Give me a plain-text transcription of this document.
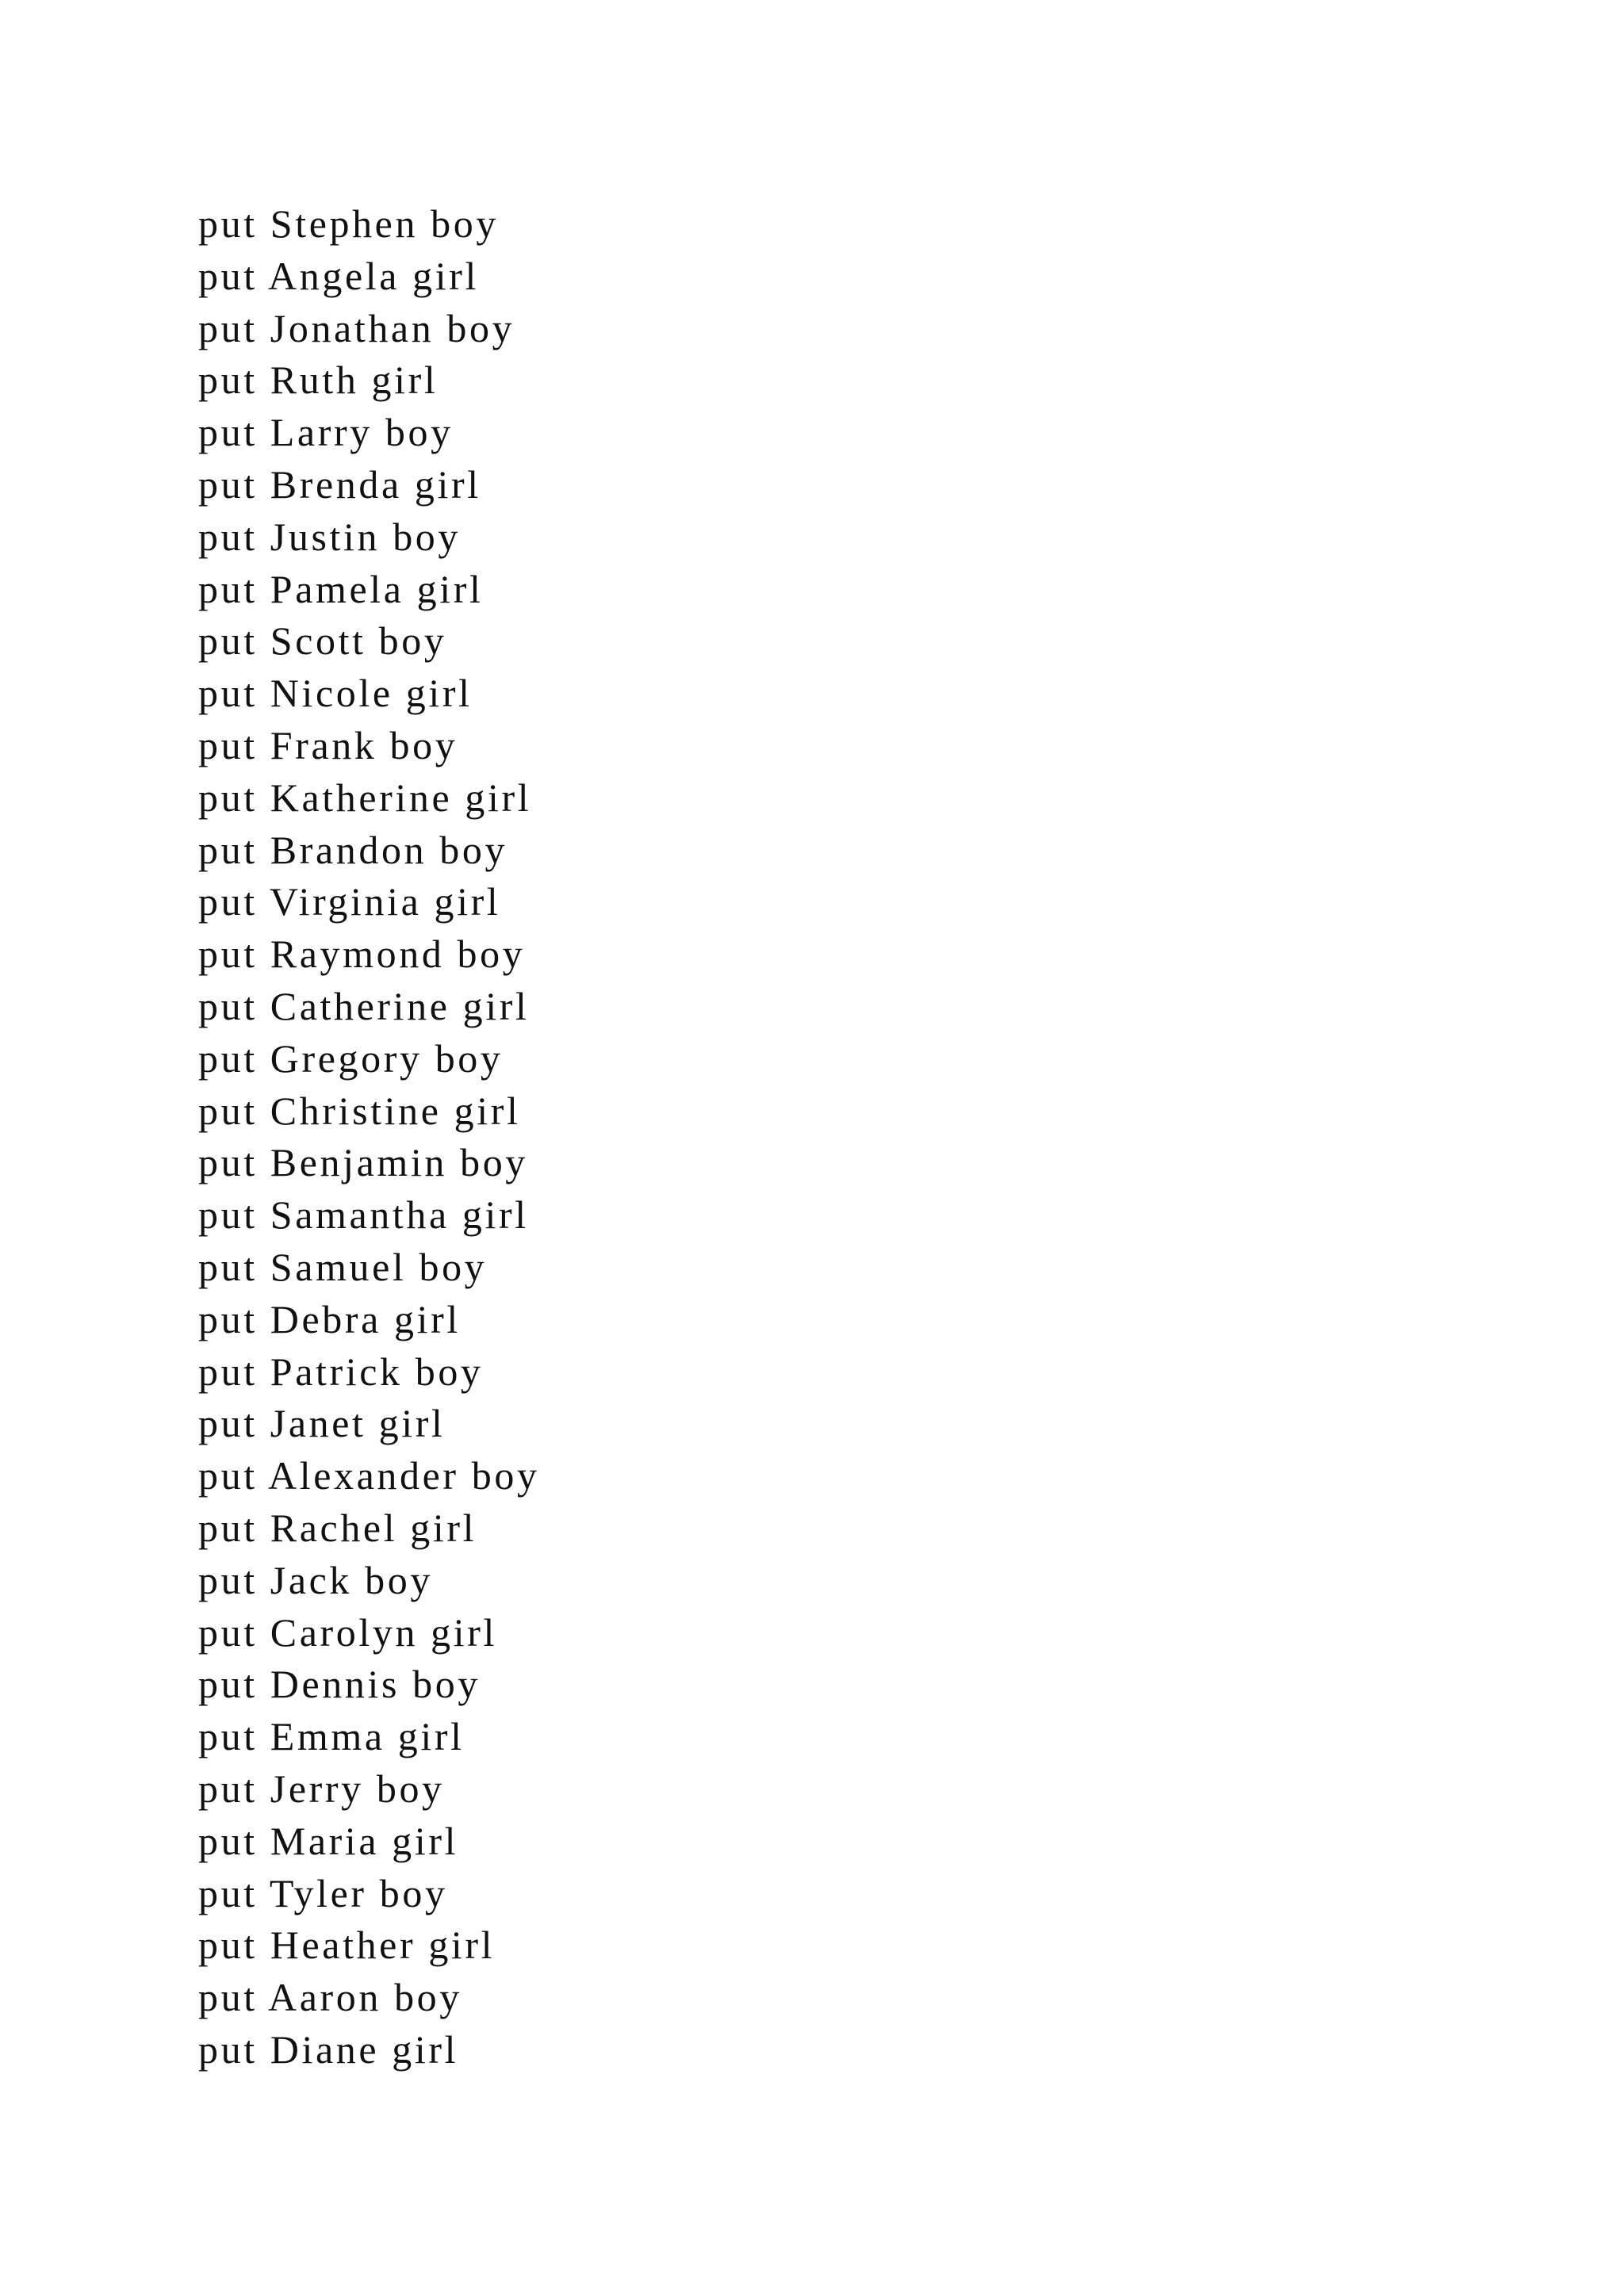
put Stephen boy
put Angela girl
put Jonathan boy
put Ruth girl
put Larry boy
put Brenda girl
put Justin boy
put Pamela girl
put Scott boy
put Nicole girl
put Frank boy
put Katherine girl
put Brandon boy
put Virginia girl
put Raymond boy
put Catherine girl
put Gregory boy
put Christine girl
put Benjamin boy
put Samantha girl
put Samuel boy
put Debra girl
put Patrick boy
put Janet girl
put Alexander boy
put Rachel girl
put Jack boy
put Carolyn girl
put Dennis boy
put Emma girl
put Jerry boy
put Maria girl
put Tyler boy
put Heather girl
put Aaron boy
put Diane girl
